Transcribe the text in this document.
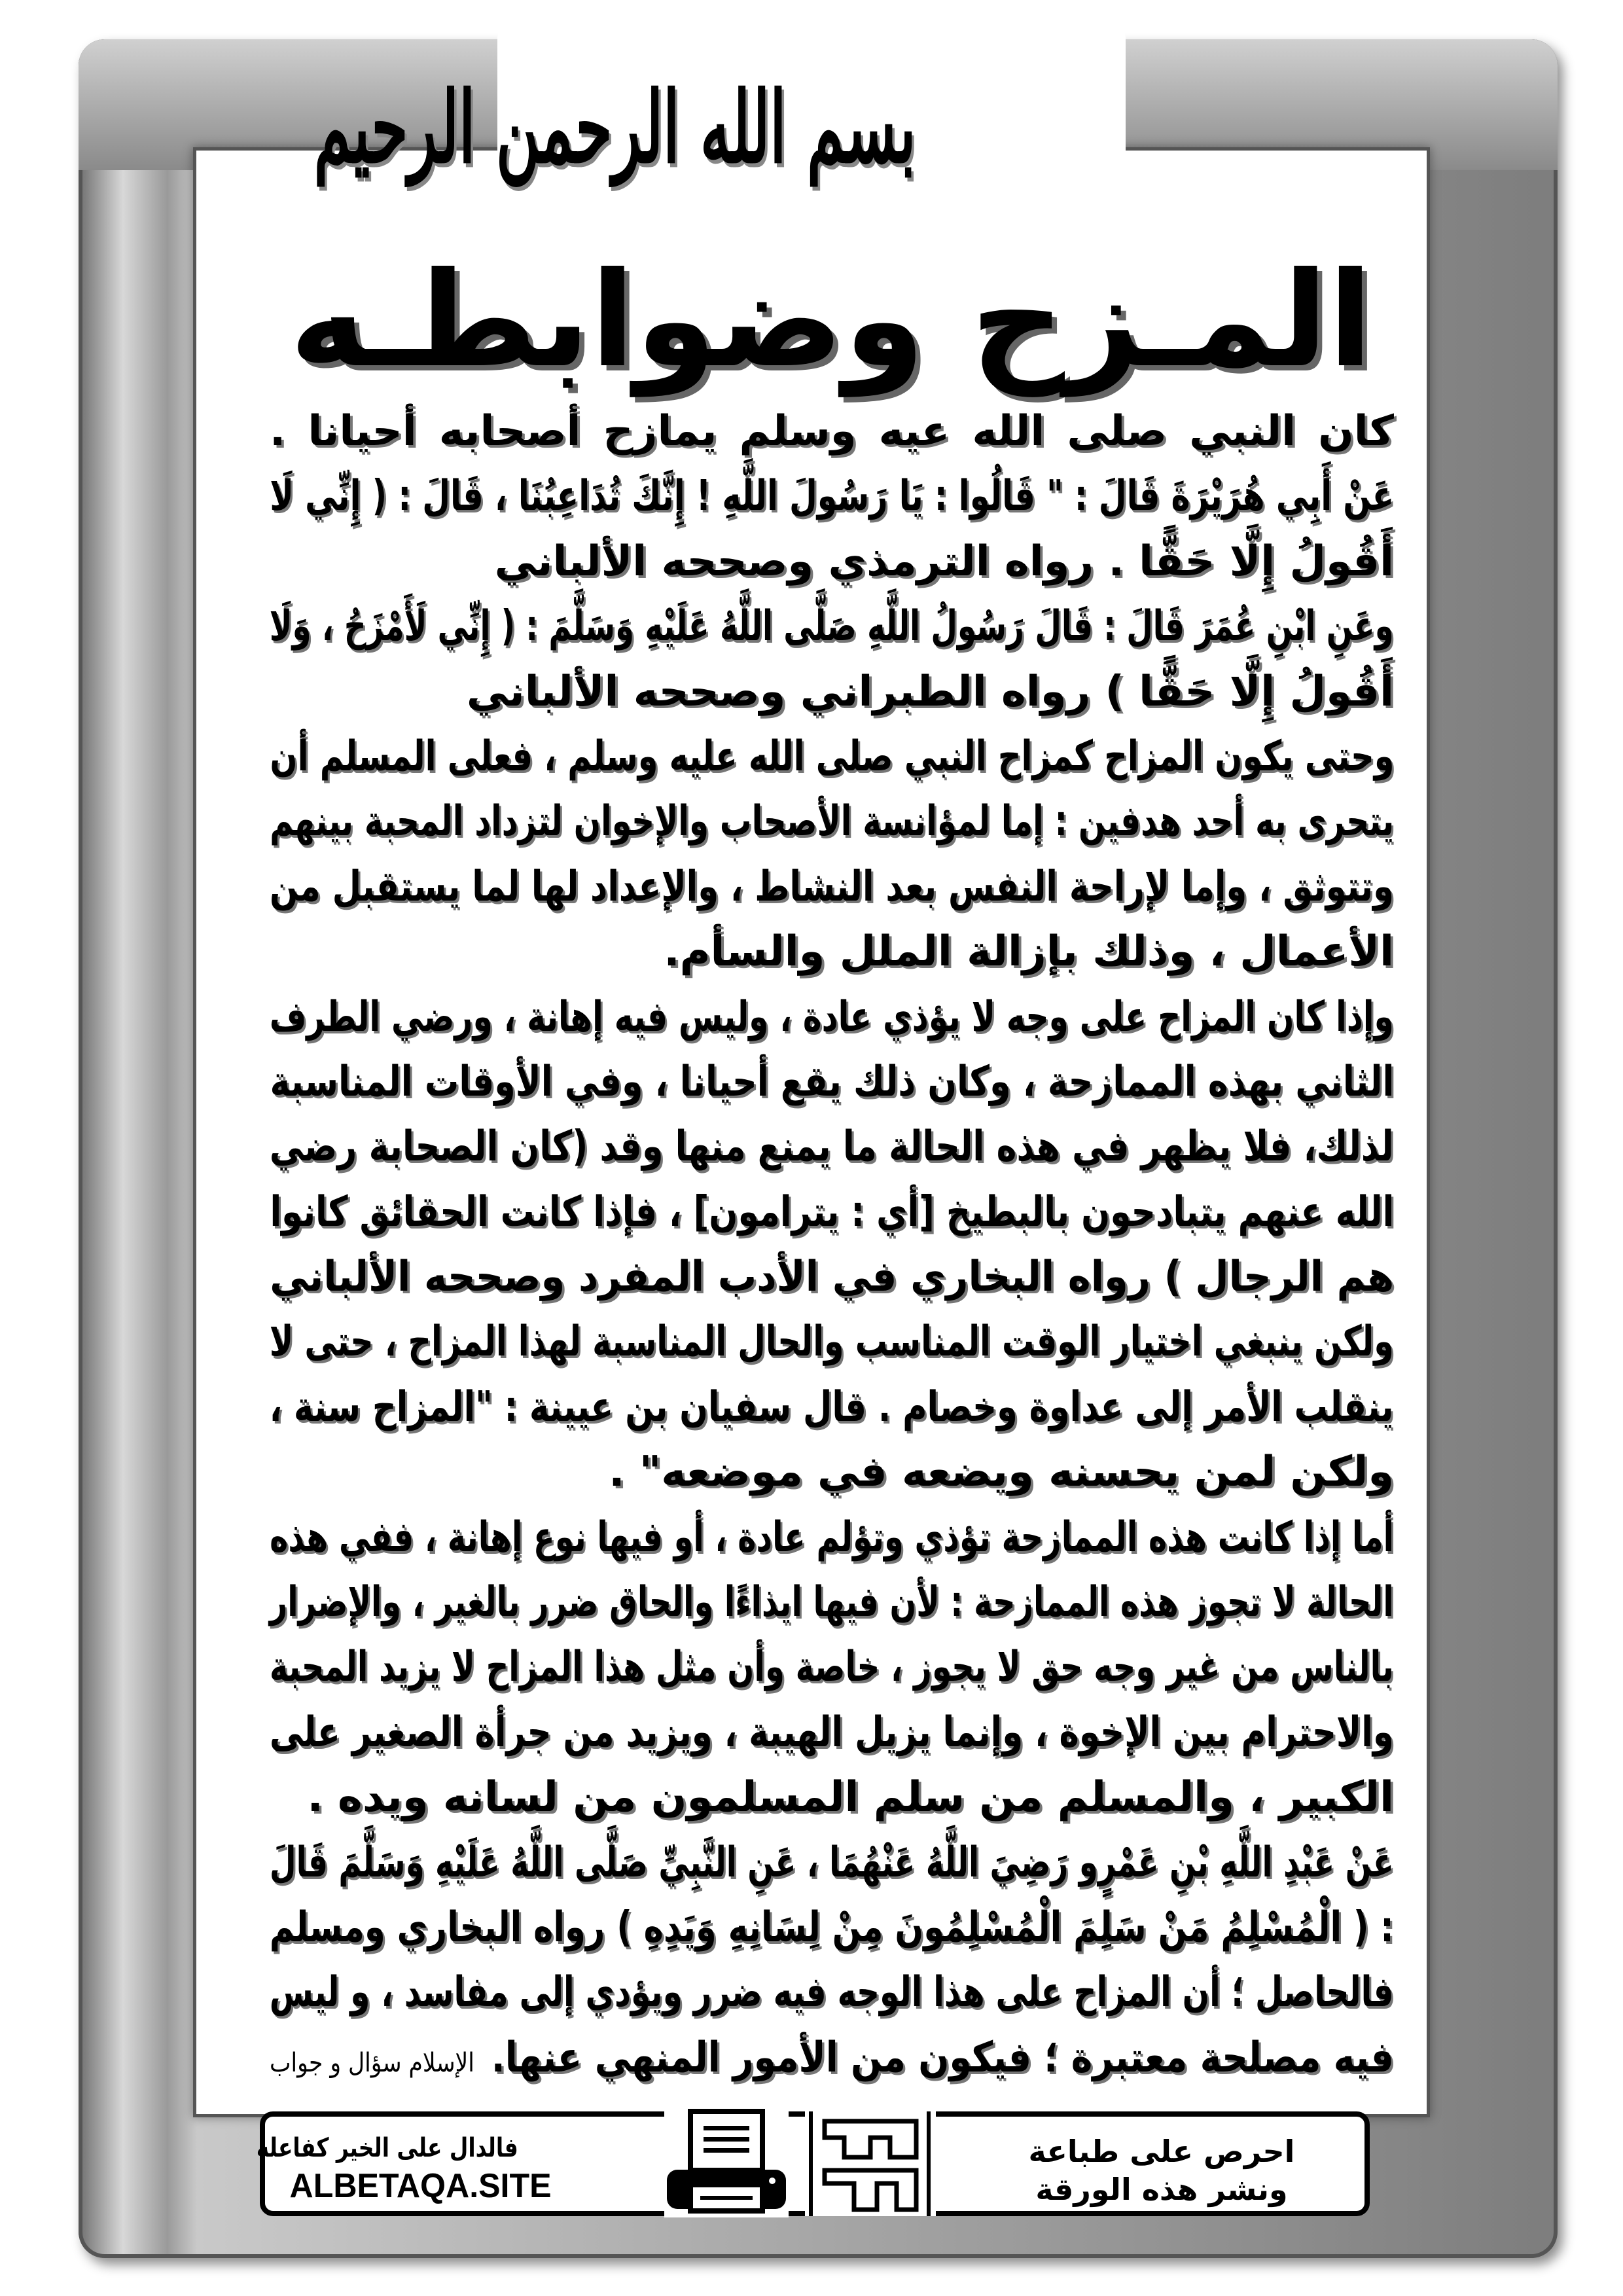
بسم الله الرحمن الرحيم
المـزح وضوابطـه
كان النبي صلى الله عيه وسلم يمازح أصحابه أحيانا .
عَنْ أَبِي هُرَيْرَةَ قَالَ : " قَالُوا : يَا رَسُولَ اللَّهِ ! إِنَّكَ تُدَاعِبُنَا ، قَالَ : ( إِنِّي لَا
أَقُولُ إِلَّا حَقًّا . رواه الترمذي وصححه الألباني
وعَنِ ابْنِ عُمَرَ قَالَ : قَالَ رَسُولُ اللَّهِ صَلَّى اللَّهُ عَلَيْهِ وَسَلَّمَ : ( إِنِّي لَأَمْزَحُ ، وَلَا
أَقُولُ إِلَّا حَقًّا ) رواه الطبراني وصححه الألباني
وحتى يكون المزاح كمزاح النبي صلى الله عليه وسلم ، فعلى المسلم أن
يتحرى به أحد هدفين : إما لمؤانسة الأصحاب والإخوان لتزداد المحبة بينهم
وتتوثق ، وإما لإراحة النفس بعد النشاط ، والإعداد لها لما يستقبل من
الأعمال ، وذلك بإزالة الملل والسأم.
وإذا كان المزاح على وجه لا يؤذي عادة ، وليس فيه إهانة ، ورضي الطرف
الثاني بهذه الممازحة ، وكان ذلك يقع أحيانا ، وفي الأوقات المناسبة
لذلك، فلا يظهر في هذه الحالة ما يمنع منها وقد (كان الصحابة رضي
الله عنهم يتبادحون بالبطيخ [أي : يترامون] ، فإذا كانت الحقائق كانوا
هم الرجال ) رواه البخاري في الأدب المفرد وصححه الألباني
ولكن ينبغي اختيار الوقت المناسب والحال المناسبة لهذا المزاح ، حتى لا
ينقلب الأمر إلى عداوة وخصام . قال سفيان بن عيينة : "المزاح سنة ،
ولكن لمن يحسنه ويضعه في موضعه" .
أما إذا كانت هذه الممازحة تؤذي وتؤلم عادة ، أو فيها نوع إهانة ، ففي هذه
الحالة لا تجوز هذه الممازحة : لأن فيها ايذاءًا والحاق ضرر بالغير ، والإضرار
بالناس من غير وجه حق لا يجوز ، خاصة وأن مثل هذا المزاح لا يزيد المحبة
والاحترام بين الإخوة ، وإنما يزيل الهيبة ، ويزيد من جرأة الصغير على
الكبير ، والمسلم من سلم المسلمون من لسانه ويده .
عَنْ عَبْدِ اللَّهِ بْنِ عَمْرٍو رَضِيَ اللَّهُ عَنْهُمَا ، عَنِ النَّبِيِّ صَلَّى اللَّهُ عَلَيْهِ وَسَلَّمَ قَالَ
: ( الْمُسْلِمُ مَنْ سَلِمَ الْمُسْلِمُونَ مِنْ لِسَانِهِ وَيَدِهِ ) رواه البخاري ومسلم
فالحاصل ؛ أن المزاح على هذا الوجه فيه ضرر ويؤدي إلى مفاسد ، و ليس
فيه مصلحة معتبرة ؛ فيكون من الأمور المنهي عنها.الإسلام سؤال و جواب
فالدال على الخير كفاعله
ALBETAQA.SITE
احرص على طباعة
ونشر هذه الورقة
